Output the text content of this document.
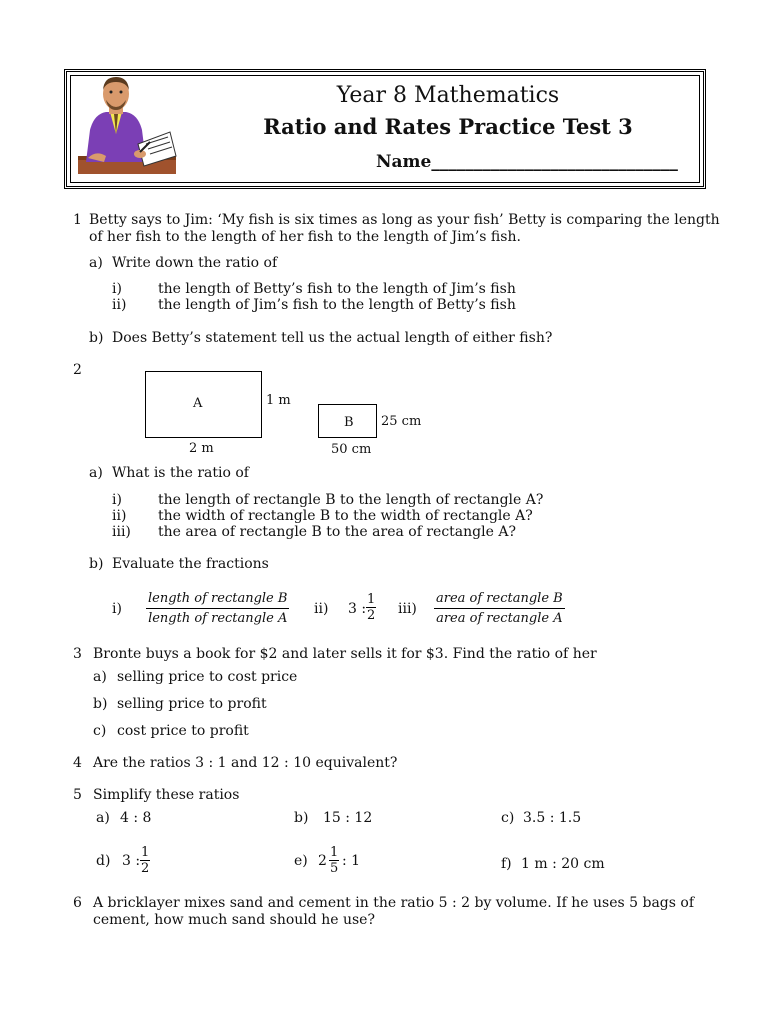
Year 8 Mathematics
Ratio and Rates Practice Test 3
Name_____________________________
1 Betty says to Jim: ‘My fish is six times as long as your fish’ Betty is comparing the length
of her fish to the length of her fish to the length of Jim’s fish.
a) Write down the ratio of
i)	the length of Betty’s fish to the length of Jim’s fish
ii) the length of Jim’s fish to the length of Betty’s fish
b) Does Betty’s statement tell us the actual length of either fish?
2
A	1 m
2 m
B 25 cm
50 cm
a) What is the ratio of
i)	the length of rectangle B to the length of rectangle A?
ii) the width of rectangle B to the width of rectangle A?
iii) the area of rectangle B to the area of rectangle A?
b) Evaluate the fractions
i)
length of rectangle B
length of rectangle A
ii) 3 : $\frac{1}{2} iii$)
area of rectangle B
area of rectangle A
3 Bronte buys a book for $2 and later sells it for $3. Find the ratio of her
a) selling price to cost price
b) selling price to profit
c) cost price to profit
4 Are the ratios 3 : 1 and 12 : 10 equivalent?
5 Simplify these ratios
a) 4 : 8	b) 15 : 12	c) 3.5 : 1.5
d) 3 : $\frac{1}{2}$	e) $2 \frac{1}{5}$ : 1	f) 1 m : 20 cm
6 A bricklayer mixes sand and cement in the ratio 5 : 2 by volume. If he uses 5 bags of
cement, how much sand should he use?
